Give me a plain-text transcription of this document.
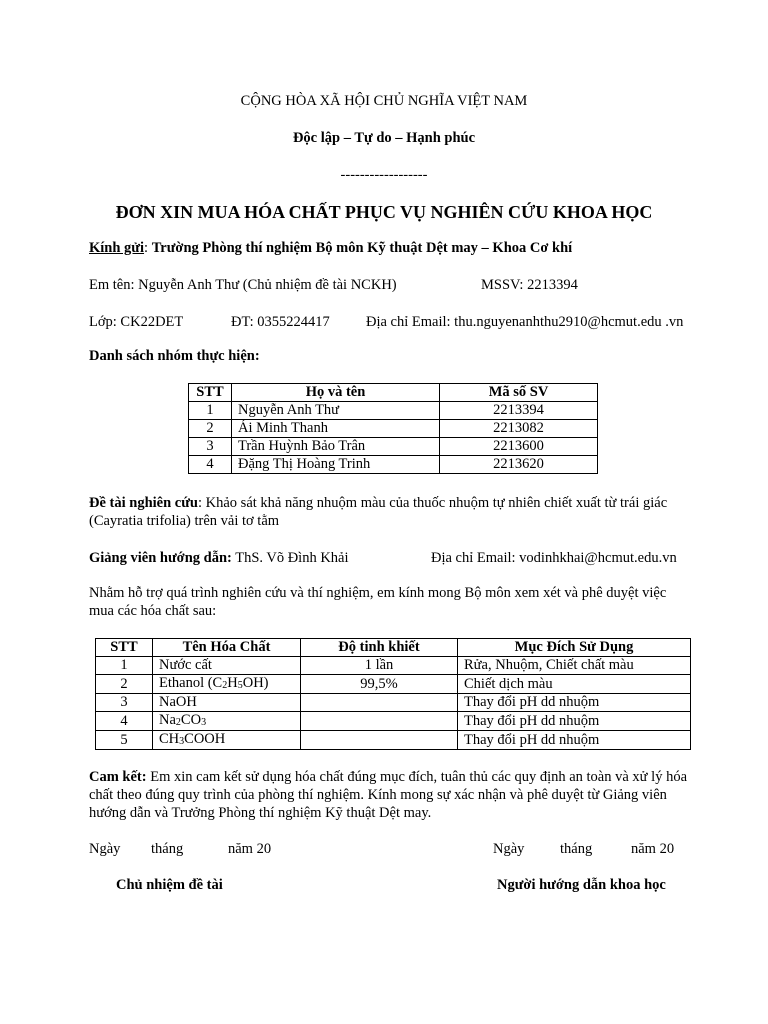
CỘNG HÒA XÃ HỘI CHỦ NGHĨA VIỆT NAM
Độc lập – Tự do – Hạnh phúc
------------------
ĐƠN XIN MUA HÓA CHẤT PHỤC VỤ NGHIÊN CỨU KHOA HỌC
Kính gửi: Trường Phòng thí nghiệm Bộ môn Kỹ thuật Dệt may – Khoa Cơ khí
Em tên: Nguyễn Anh Thư (Chủ nhiệm đề tài NCKH)	MSSV: 2213394
Lớp: CK22DET	ĐT: 0355224417 Địa chỉ Email: thu.nguyenanhthu2910@hcmut.edu .vn
Danh sách nhóm thực hiện:
STT	Họ và tên	Mã số SV
1	Nguyễn Anh Thư	2213394
2	Ái Minh Thanh	2213082
3	Trần Huỳnh Bảo Trân	2213600
4	Đặng Thị Hoàng Trinh	2213620
Đề tài nghiên cứu: Khảo sát khả năng nhuộm màu của thuốc nhuộm tự nhiên chiết xuất từ trái giác (Cayratia trifolia) trên vải tơ tằm
Giảng viên hướng dẫn: ThS. Võ Đình Khải	Địa chỉ Email: vodinhkhai@hcmut.edu.vn
Nhằm hỗ trợ quá trình nghiên cứu và thí nghiệm, em kính mong Bộ môn xem xét và phê duyệt việc mua các hóa chất sau:
STT	Tên Hóa Chất	Độ tinh khiết	Mục Đích Sử Dụng
1	Nước cất	1 lần	Rửa, Nhuộm, Chiết chất màu
2	Ethanol $(C_2H_5OH)$	99,5%	Chiết dịch màu
3	NaOH		Thay đổi pH dd nhuộm
4	$Na_2CO_3$		Thay đổi pH dd nhuộm
5	$CH_3COOH$		Thay đổi pH dd nhuộm
Cam kết: Em xin cam kết sử dụng hóa chất đúng mục đích, tuân thủ các quy định an toàn và xử lý hóa chất theo đúng quy trình của phòng thí nghiệm. Kính mong sự xác nhận và phê duyệt từ Giảng viên hướng dẫn và Trưởng Phòng thí nghiệm Kỹ thuật Dệt may.
Ngày tháng	năm 20	Ngày tháng	năm 20
Chủ nhiệm đề tài	Người hướng dẫn khoa học
